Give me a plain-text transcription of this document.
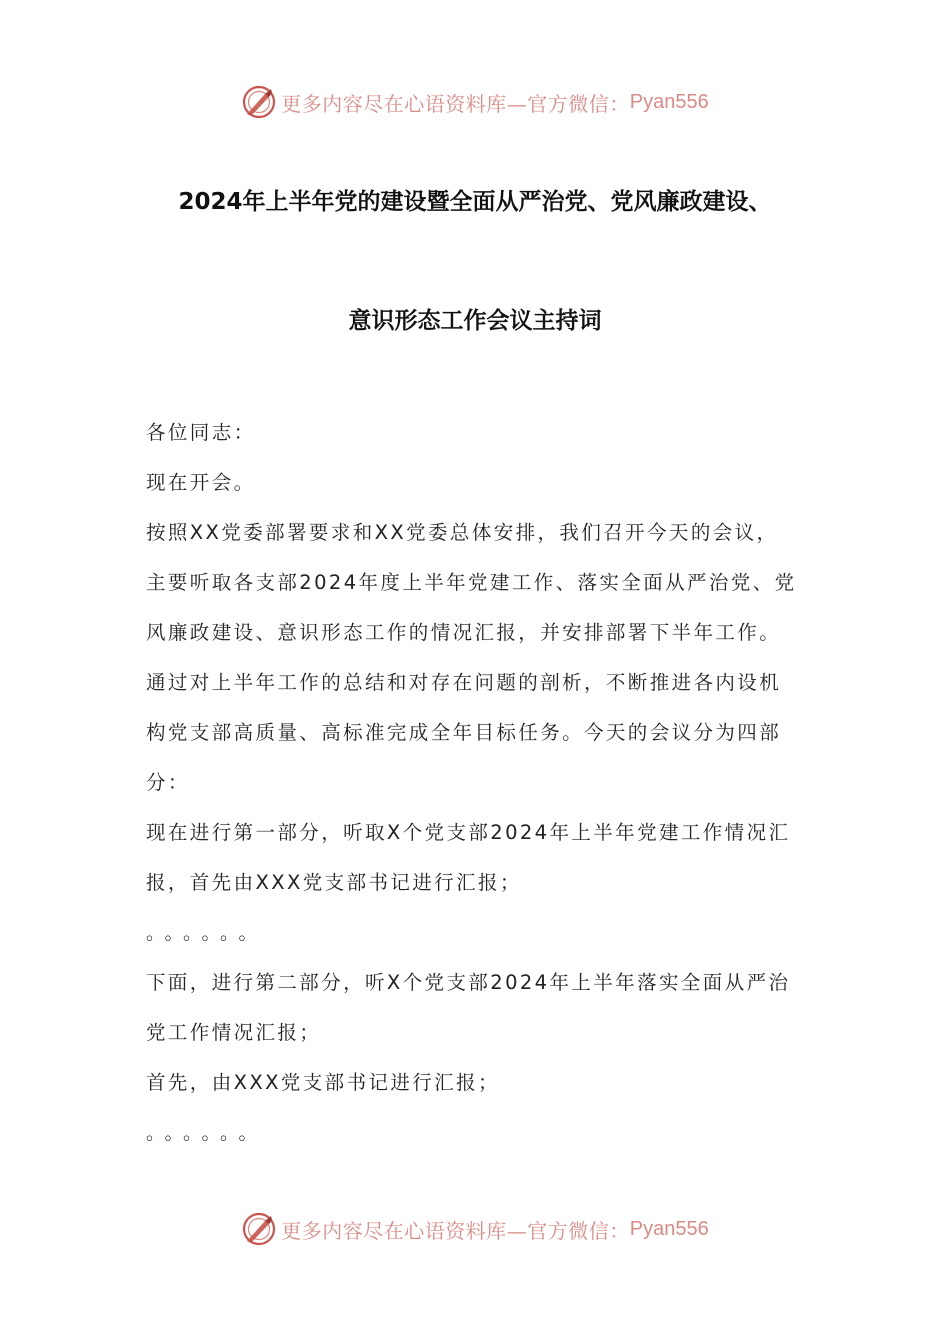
更多内容尽在心语资料库—官方微信： Pyan556
2024年上半年党的建设暨全面从严治党、党风廉政建设、
意识形态工作会议主持词
各位同志：
现在开会。
按照XX党委部署要求和XX党委总体安排，我们召开今天的会议，
主要听取各支部2024年度上半年党建工作、落实全面从严治党、党
风廉政建设、意识形态工作的情况汇报，并安排部署下半年工作。
通过对上半年工作的总结和对存在问题的剖析，不断推进各内设机
构党支部高质量、高标准完成全年目标任务。今天的会议分为四部
分：
现在进行第一部分，听取X个党支部2024年上半年党建工作情况汇
报，首先由XXX党支部书记进行汇报；
。。。。。。
下面，进行第二部分，听X个党支部2024年上半年落实全面从严治
党工作情况汇报；
首先，由XXX党支部书记进行汇报；
。。。。。。
更多内容尽在心语资料库—官方微信： Pyan556
